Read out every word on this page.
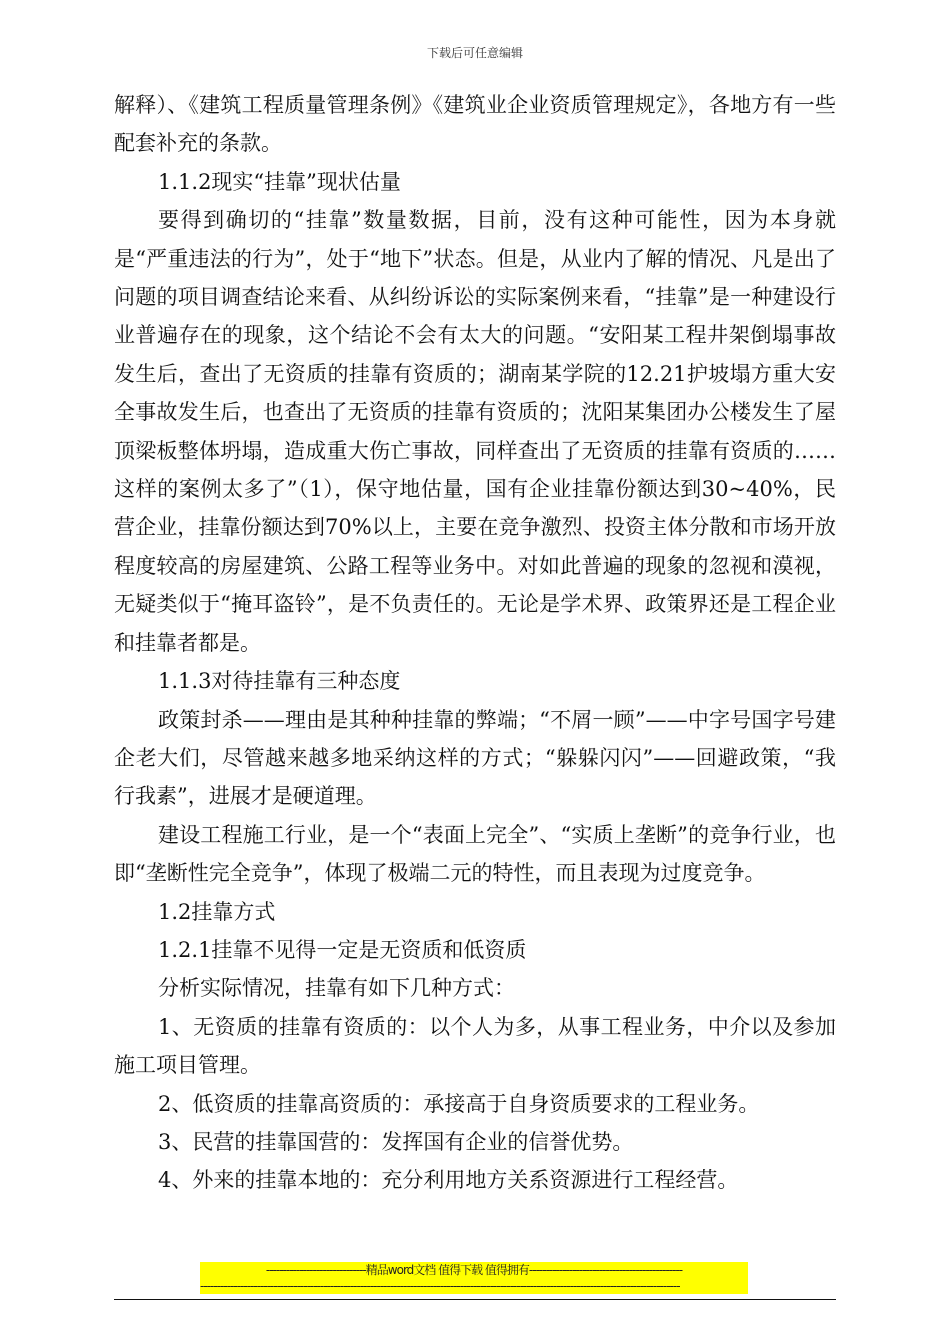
下载后可任意编辑

解释）、《建筑工程质量管理条例》《建筑业企业资质管理规定》，各地方有一些配套补充的条款。

1.1.2现实“挂靠”现状估量

要得到确切的“挂靠”数量数据，目前，没有这种可能性，因为本身就是“严重违法的行为”，处于“地下”状态。但是，从业内了解的情况、凡是出了问题的项目调查结论来看、从纠纷诉讼的实际案例来看，“挂靠”是一种建设行业普遍存在的现象，这个结论不会有太大的问题。“安阳某工程井架倒塌事故发生后，查出了无资质的挂靠有资质的；湖南某学院的12.21护坡塌方重大安全事故发生后，也查出了无资质的挂靠有资质的；沈阳某集团办公楼发生了屋顶梁板整体坍塌，造成重大伤亡事故，同样查出了无资质的挂靠有资质的……这样的案例太多了”（1），保守地估量，国有企业挂靠份额达到30~40%，民营企业，挂靠份额达到70%以上，主要在竞争激烈、投资主体分散和市场开放程度较高的房屋建筑、公路工程等业务中。对如此普遍的现象的忽视和漠视，无疑类似于“掩耳盗铃”，是不负责任的。无论是学术界、政策界还是工程企业和挂靠者都是。

1.1.3对待挂靠有三种态度

政策封杀——理由是其种种挂靠的弊端；“不屑一顾”——中字号国字号建企老大们，尽管越来越多地采纳这样的方式；“躲躲闪闪”——回避政策，“我行我素”，进展才是硬道理。

建设工程施工行业，是一个“表面上完全”、“实质上垄断”的竞争行业，也即“垄断性完全竞争”，体现了极端二元的特性，而且表现为过度竞争。

1.2挂靠方式

1.2.1挂靠不见得一定是无资质和低资质

分析实际情况，挂靠有如下几种方式：

1、无资质的挂靠有资质的：以个人为多，从事工程业务，中介以及参加施工项目管理。

2、低资质的挂靠高资质的：承接高于自身资质要求的工程业务。

3、民营的挂靠国营的：发挥国有企业的信誉优势。

4、外来的挂靠本地的：充分利用地方关系资源进行工程经营。

------------------------------精品word文档 值得下载 值得拥有----------------------------------------------
------------------------------------------------------------------------------------------------------------------------------------------------
